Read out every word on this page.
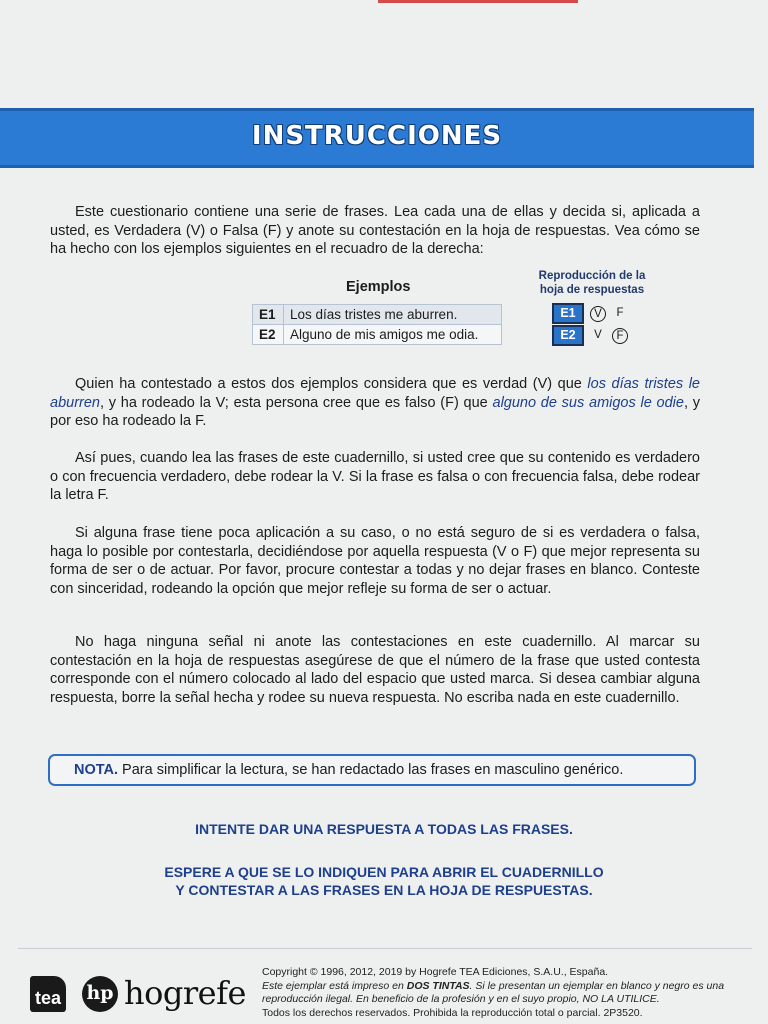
INSTRUCCIONES

Este cuestionario contiene una serie de frases. Lea cada una de ellas y decida si, aplicada a usted, es Verdadera (V) o Falsa (F) y anote su contestación en la hoja de respuestas. Vea cómo se ha hecho con los ejemplos siguientes en el recuadro de la derecha:

Ejemplos
E1	Los días tristes me aburren.
E2	Alguno de mis amigos me odia.
Reproducción de la hoja de respuestas
E1	V	F
E2	V	F

Quien ha contestado a estos dos ejemplos considera que es verdad (V) que los días tristes le aburren, y ha rodeado la V; esta persona cree que es falso (F) que alguno de sus amigos le odie, y por eso ha rodeado la F.

Así pues, cuando lea las frases de este cuadernillo, si usted cree que su contenido es verdadero o con frecuencia verdadero, debe rodear la V. Si la frase es falsa o con frecuencia falsa, debe rodear la letra F.

Si alguna frase tiene poca aplicación a su caso, o no está seguro de si es verdadera o falsa, haga lo posible por contestarla, decidiéndose por aquella respuesta (V o F) que mejor representa su forma de ser o de actuar. Por favor, procure contestar a todas y no dejar frases en blanco. Conteste con sinceridad, rodeando la opción que mejor refleje su forma de ser o actuar.

No haga ninguna señal ni anote las contestaciones en este cuadernillo. Al marcar su contestación en la hoja de respuestas asegúrese de que el número de la frase que usted contesta corresponde con el número colocado al lado del espacio que usted marca. Si desea cambiar alguna respuesta, borre la señal hecha y rodee su nueva respuesta. No escriba nada en este cuadernillo.

NOTA. Para simplificar la lectura, se han redactado las frases en masculino genérico.

INTENTE DAR UNA RESPUESTA A TODAS LAS FRASES.

ESPERE A QUE SE LO INDIQUEN PARA ABRIR EL CUADERNILLO

Y CONTESTAR A LAS FRASES EN LA HOJA DE RESPUESTAS.

tea hp hogrefe

Copyright © 1996, 2012, 2019 by Hogrefe TEA Ediciones, S.A.U., España.

Este ejemplar está impreso en DOS TINTAS. Si le presentan un ejemplar en blanco y negro es una reproducción ilegal. En beneficio de la profesión y en el suyo propio, NO LA UTILICE.

Todos los derechos reservados. Prohibida la reproducción total o parcial. 2P3520.
